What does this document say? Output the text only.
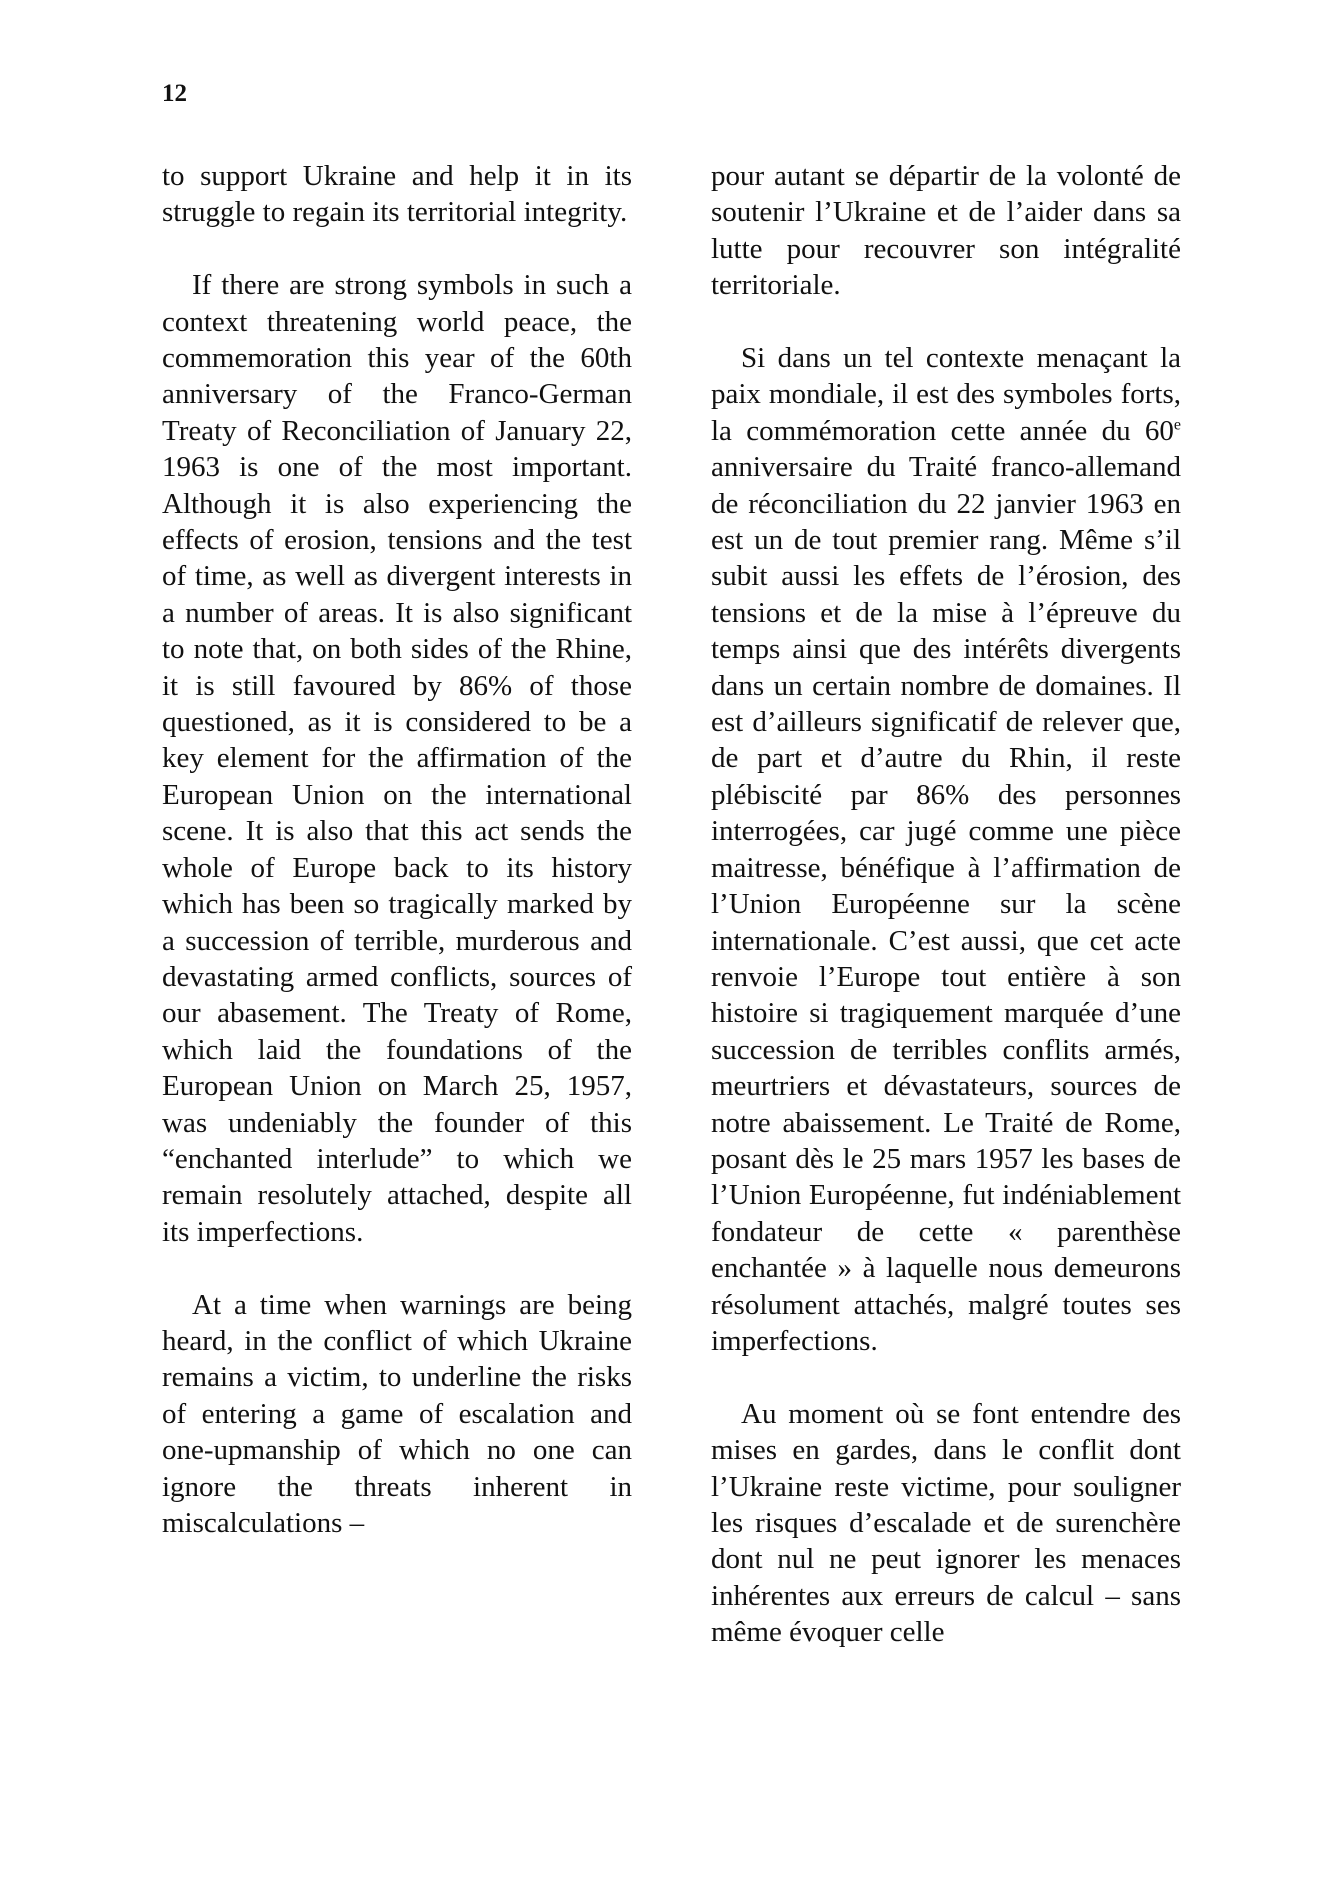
12

to support Ukraine and help it in its struggle to regain its territorial integrity.

If there are strong symbols in such a context threatening world peace, the commemoration this year of the 60th anniversary of the Franco-German Treaty of Reconciliation of January 22, 1963 is one of the most important. Although it is also experiencing the effects of erosion, tensions and the test of time, as well as divergent interests in a number of areas. It is also significant to note that, on both sides of the Rhine, it is still favoured by 86% of those questioned, as it is considered to be a key element for the affirmation of the European Union on the international scene. It is also that this act sends the whole of Europe back to its history which has been so tragically marked by a succession of terrible, murderous and devastating armed conflicts, sources of our abasement. The Treaty of Rome, which laid the foundations of the European Union on March 25, 1957, was undeniably the founder of this “enchanted interlude” to which we remain resolutely attached, despite all its imperfections.

At a time when warnings are being heard, in the conflict of which Ukraine remains a victim, to underline the risks of entering a game of escalation and one-upmanship of which no one can ignore the threats inherent in miscalculations –

pour autant se départir de la volonté de soutenir l’Ukraine et de l’aider dans sa lutte pour recouvrer son intégralité territoriale.

Si dans un tel contexte menaçant la paix mondiale, il est des symboles forts, la commémoration cette année du 60e anniversaire du Traité franco-allemand de réconciliation du 22 janvier 1963 en est un de tout premier rang. Même s’il subit aussi les effets de l’érosion, des tensions et de la mise à l’épreuve du temps ainsi que des intérêts divergents dans un certain nombre de domaines. Il est d’ailleurs significatif de relever que, de part et d’autre du Rhin, il reste plébiscité par 86% des personnes interrogées, car jugé comme une pièce maitresse, bénéfique à l’affirmation de l’Union Européenne sur la scène internationale. C’est aussi, que cet acte renvoie l’Europe tout entière à son histoire si tragiquement marquée d’une succession de terribles conflits armés, meurtriers et dévastateurs, sources de notre abaissement. Le Traité de Rome, posant dès le 25 mars 1957 les bases de l’Union Européenne, fut indéniablement fondateur de cette « parenthèse enchantée » à laquelle nous demeurons résolument attachés, malgré toutes ses imperfections.

Au moment où se font entendre des mises en gardes, dans le conflit dont l’Ukraine reste victime, pour souligner les risques d’escalade et de surenchère dont nul ne peut ignorer les menaces inhérentes aux erreurs de calcul – sans même évoquer celle
